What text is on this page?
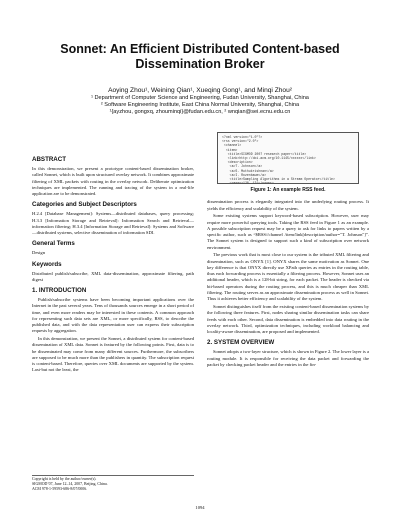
Sonnet: An Efficient Distributed Content-based Dissemination Broker
Aoying Zhou¹, Weining Qian¹, Xueqing Gong¹, and Minqi Zhou²
¹ Department of Computer Science and Engineering, Fudan University, Shanghai, China
² Software Engineering Institute, East China Normal University, Shanghai, China
¹{ayzhou, gongxq, zhouminqi}@fudan.edu.cn, ² wnqian@sei.ecnu.edu.cn
ABSTRACT

In this demonstration, we present a prototype content-based dissemination broker, called Sonnet, which is built upon structured overlay network. It combines approximate filtering of XML packets with routing in the overlay network. Deliberate optimization techniques are implemented. The running and tracing of the system in a real-life application are to be demonstrated.

Categories and Subject Descriptors

H.2.4 [Database Management]: Systems—distributed databases, query processing; H.3.3 [Information Storage and Retrieval]: Information Search and Retrieval—information filtering; H.3.4 [Information Storage and Retrieval]: Systems and Software—distributed systems, selective dissemination of information SDI.

General Terms

Design

Keywords

Distributed publish/subscribe, XML data-dissemination, approximate filtering, path digest

1. INTRODUCTION

Publish/subscribe systems have been becoming important applications over the Internet in the past several years. Tens of thousands sources emerge in a short period of time, and even more readers may be interested in these contents. A common approach for representing such data sets are XML, or more specifically, RSS, to describe the published data, and with the data representation user can express their subscription requests by aggregation.

In this demonstration, we present the Sonnet, a distributed system for content-based dissemination of XML data. Sonnet is featured by the following points. First, data is to be disseminated may come from many different sources. Furthermore, the subscribers are supposed to be much more than the publishers in quantity. The subscription request is content-based. Therefore, queries over XML documents are supported by the system. Last-but not the least, the

Copyright is held by the author/owner(s).
SIGMOD’07, June 12–14, 2007, Beijing, China.
ACM 978-1-59593-686-8/07/0006.
<?xml version="1.0"?>
<rss version="2.0">
<channel>
<item>
<title>SIGMOD 2007 research paper</title>
<link>http://doi.acm.org/10.1145/xxxxxx</link>
<description>
<a>T. Johnson</a>
<a>S. Muthukrishnan</a>
<a>I. Rozenbaum</a>
<title>Sampling Algorithms in a Stream Operator</title>
<pages>120--131</pages>
Figure 1: An example RSS feed.

dissemination process is elegantly integrated into the underlying routing process. It yields the efficiency and scalability of the system.

Some existing systems support keyword-based subscription. However, user may require more powerful querying tools. Taking the RSS feed in Figure 1 as an example. A possible subscription request may be a query to ask for links to papers written by a specific author, such as “$RSS//channel /item/link[description/author="T. Johnson"]”. The Sonnet system is designed to support such a kind of subscription over network environment.

The previous work that is most close to our system is the tributed XML filtering and dissemination, such as ONYX [1]. ONYX shares the same motivation as Sonnet. One key difference is that ONYX directly use XPath queries as entries in the routing table, thus each forwarding process is essentially a filtering process. However, Sonnet uses an additional header, which is a 128-bit string, for each packet. The header is checked via bit-based operators during the routing process, and this is much cheaper than XML filtering. The routing serves as an approximate dissemination process as well in Sonnet. Thus it achieves better efficiency and scalability of the system.

Sonnet distinguishes itself from the existing content-based dissemination systems by the following three features. First, nodes sharing similar dissemination tasks can share feeds with each other. Second, data dissemination is embedded into data routing in the overlay network. Third, optimization techniques, including workload balancing and locality-aware dissemination, are proposed and implemented.

2. SYSTEM OVERVIEW

Sonnet adopts a two-layer structure, which is shown in Figure 2. The lower layer is a routing module. It is responsible for receiving the data packet and forwarding the packet by checking packet header and the entries in the fin-

1094
